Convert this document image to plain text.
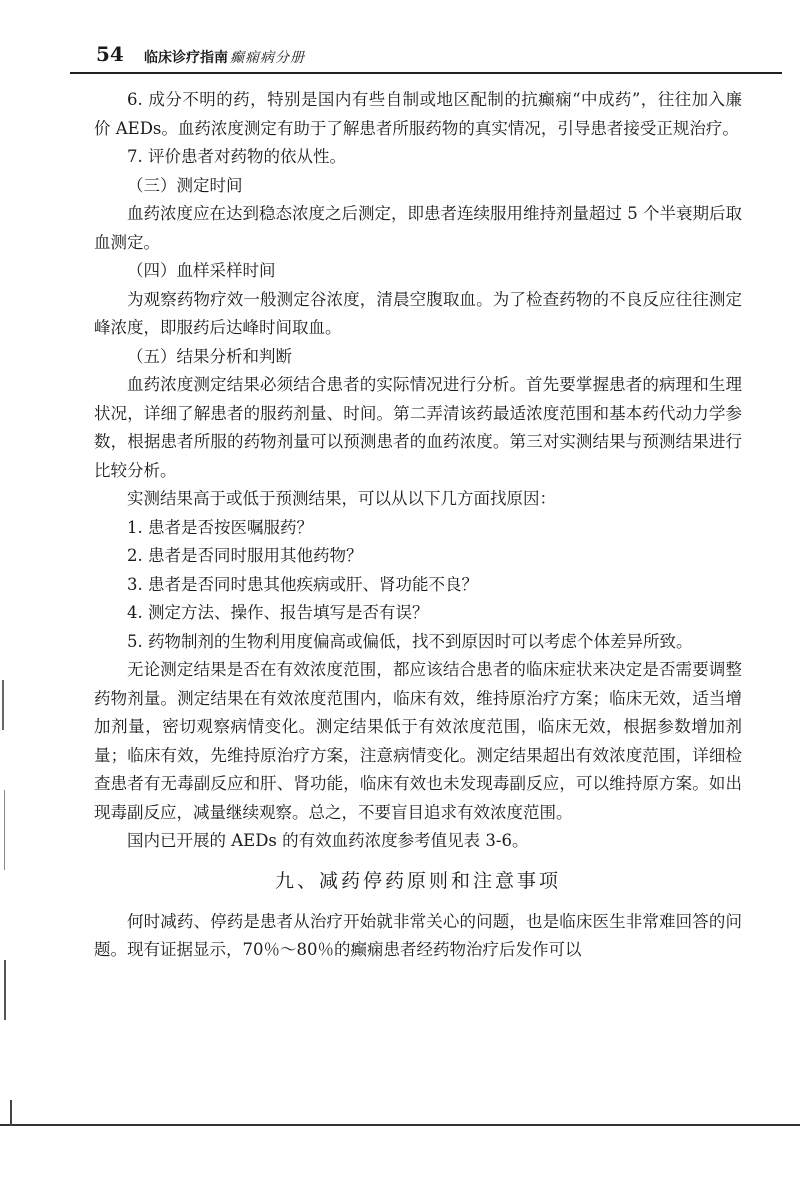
54 临床诊疗指南 癫痫病分册

6. 成分不明的药，特别是国内有些自制或地区配制的抗癫痫“中成药”，往往加入廉价 AEDs。血药浓度测定有助于了解患者所服药物的真实情况，引导患者接受正规治疗。

7. 评价患者对药物的依从性。

（三）测定时间

血药浓度应在达到稳态浓度之后测定，即患者连续服用维持剂量超过 5 个半衰期后取血测定。

（四）血样采样时间

为观察药物疗效一般测定谷浓度，清晨空腹取血。为了检查药物的不良反应往往测定峰浓度，即服药后达峰时间取血。

（五）结果分析和判断

血药浓度测定结果必须结合患者的实际情况进行分析。首先要掌握患者的病理和生理状况，详细了解患者的服药剂量、时间。第二弄清该药最适浓度范围和基本药代动力学参数，根据患者所服的药物剂量可以预测患者的血药浓度。第三对实测结果与预测结果进行比较分析。

实测结果高于或低于预测结果，可以从以下几方面找原因：

1. 患者是否按医嘱服药？

2. 患者是否同时服用其他药物？

3. 患者是否同时患其他疾病或肝、肾功能不良？

4. 测定方法、操作、报告填写是否有误？

5. 药物制剂的生物利用度偏高或偏低，找不到原因时可以考虑个体差异所致。

无论测定结果是否在有效浓度范围，都应该结合患者的临床症状来决定是否需要调整药物剂量。测定结果在有效浓度范围内，临床有效，维持原治疗方案；临床无效，适当增加剂量，密切观察病情变化。测定结果低于有效浓度范围，临床无效，根据参数增加剂量；临床有效，先维持原治疗方案，注意病情变化。测定结果超出有效浓度范围，详细检查患者有无毒副反应和肝、肾功能，临床有效也未发现毒副反应，可以维持原方案。如出现毒副反应，减量继续观察。总之，不要盲目追求有效浓度范围。

国内已开展的 AEDs 的有效血药浓度参考值见表 3-6。

九、减药停药原则和注意事项

何时减药、停药是患者从治疗开始就非常关心的问题，也是临床医生非常难回答的问题。现有证据显示，70％～80％的癫痫患者经药物治疗后发作可以
